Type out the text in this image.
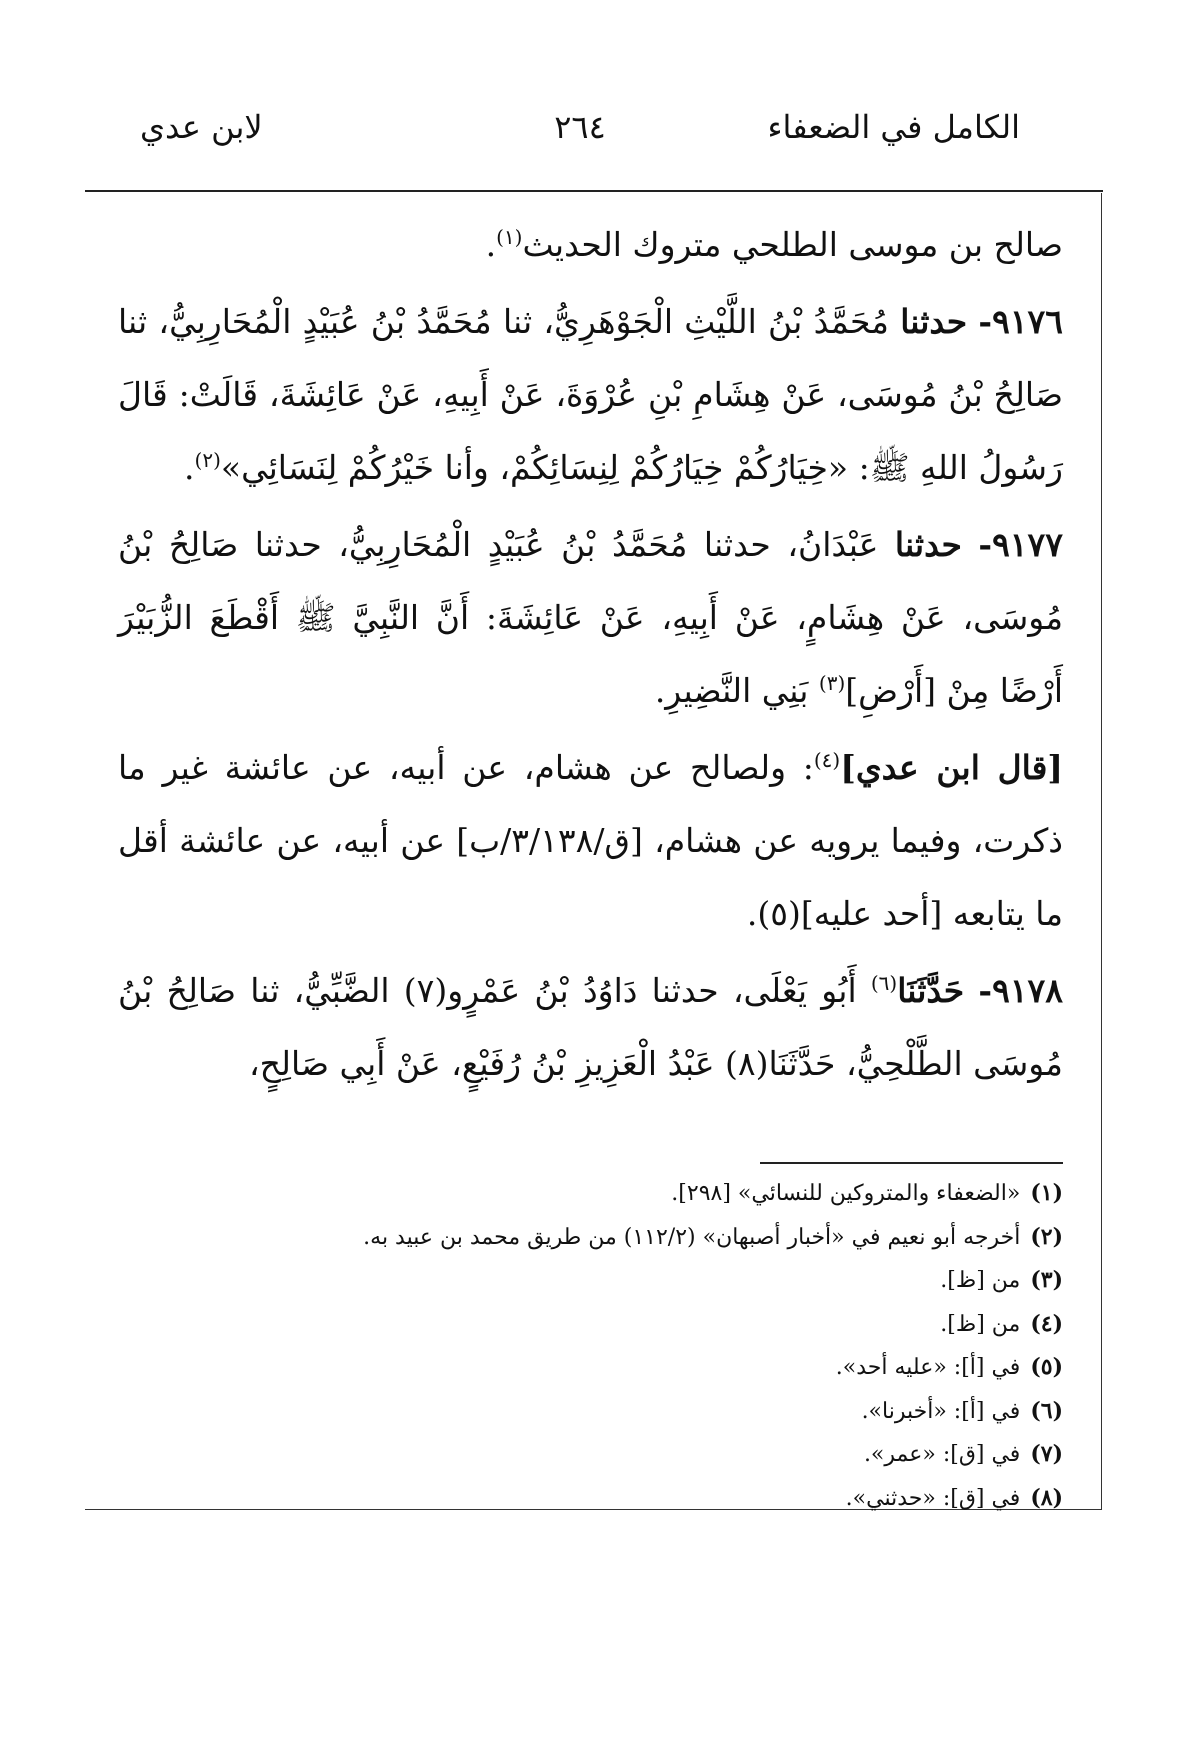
الكامل في الضعفاء
٢٦٤
لابن عدي

صالح بن موسى الطلحي متروك الحديث$^{(١)}$.

٩١٧٦- حدثنا مُحَمَّدُ بْنُ اللَّيْثِ الْجَوْهَرِيُّ، ثنا مُحَمَّدُ بْنُ عُبَيْدٍ الْمُحَارِبِيُّ، ثنا صَالِحُ بْنُ مُوسَى، عَنْ هِشَامِ بْنِ عُرْوَةَ، عَنْ أَبِيهِ، عَنْ عَائِشَةَ، قَالَتْ: قَالَ رَسُولُ اللهِ ﷺ: «خِيَارُكُمْ خِيَارُكُمْ لِنِسَائِكُمْ، وأنا خَيْرُكُمْ لِنَسَائِي»$^{(٢)}$.

٩١٧٧- حدثنا عَبْدَانُ، حدثنا مُحَمَّدُ بْنُ عُبَيْدٍ الْمُحَارِبِيُّ، حدثنا صَالِحُ بْنُ مُوسَى، عَنْ هِشَامٍ، عَنْ أَبِيهِ، عَنْ عَائِشَةَ: أَنَّ النَّبِيَّ ﷺ أَقْطَعَ الزُّبَيْرَ أَرْضًا مِنْ [أَرْضِ]$^{(٣)}$ بَنِي النَّضِيرِ.

[قال ابن عدي]$^{(٤)}$: ولصالح عن هشام، عن أبيه، عن عائشة غير ما ذكرت، وفيما يرويه عن هشام، [ق/٣/١٣٨/ب] عن أبيه، عن عائشة أقل ما يتابعه [أحد عليه](٥).

٩١٧٨- حَدَّثَنَا$^{(٦)}$ أَبُو يَعْلَى، حدثنا دَاوُدُ بْنُ عَمْرٍو(٧) الضَّبِّيُّ، ثنا صَالِحُ بْنُ مُوسَى الطَّلْحِيُّ، حَدَّثَنَا(٨) عَبْدُ الْعَزِيزِ بْنُ رُفَيْعٍ، عَنْ أَبِي صَالِحٍ،

(١)«الضعفاء والمتروكين للنسائي» [٢٩٨].
(٢)أخرجه أبو نعيم في «أخبار أصبهان» (١١٢/٢) من طريق محمد بن عبيد به.
(٣)من [ظ].
(٤)من [ظ].
(٥)في [أ]: «عليه أحد».
(٦)في [أ]: «أخبرنا».
(٧)في [ق]: «عمر».
(٨)في [ق]: «حدثني».
